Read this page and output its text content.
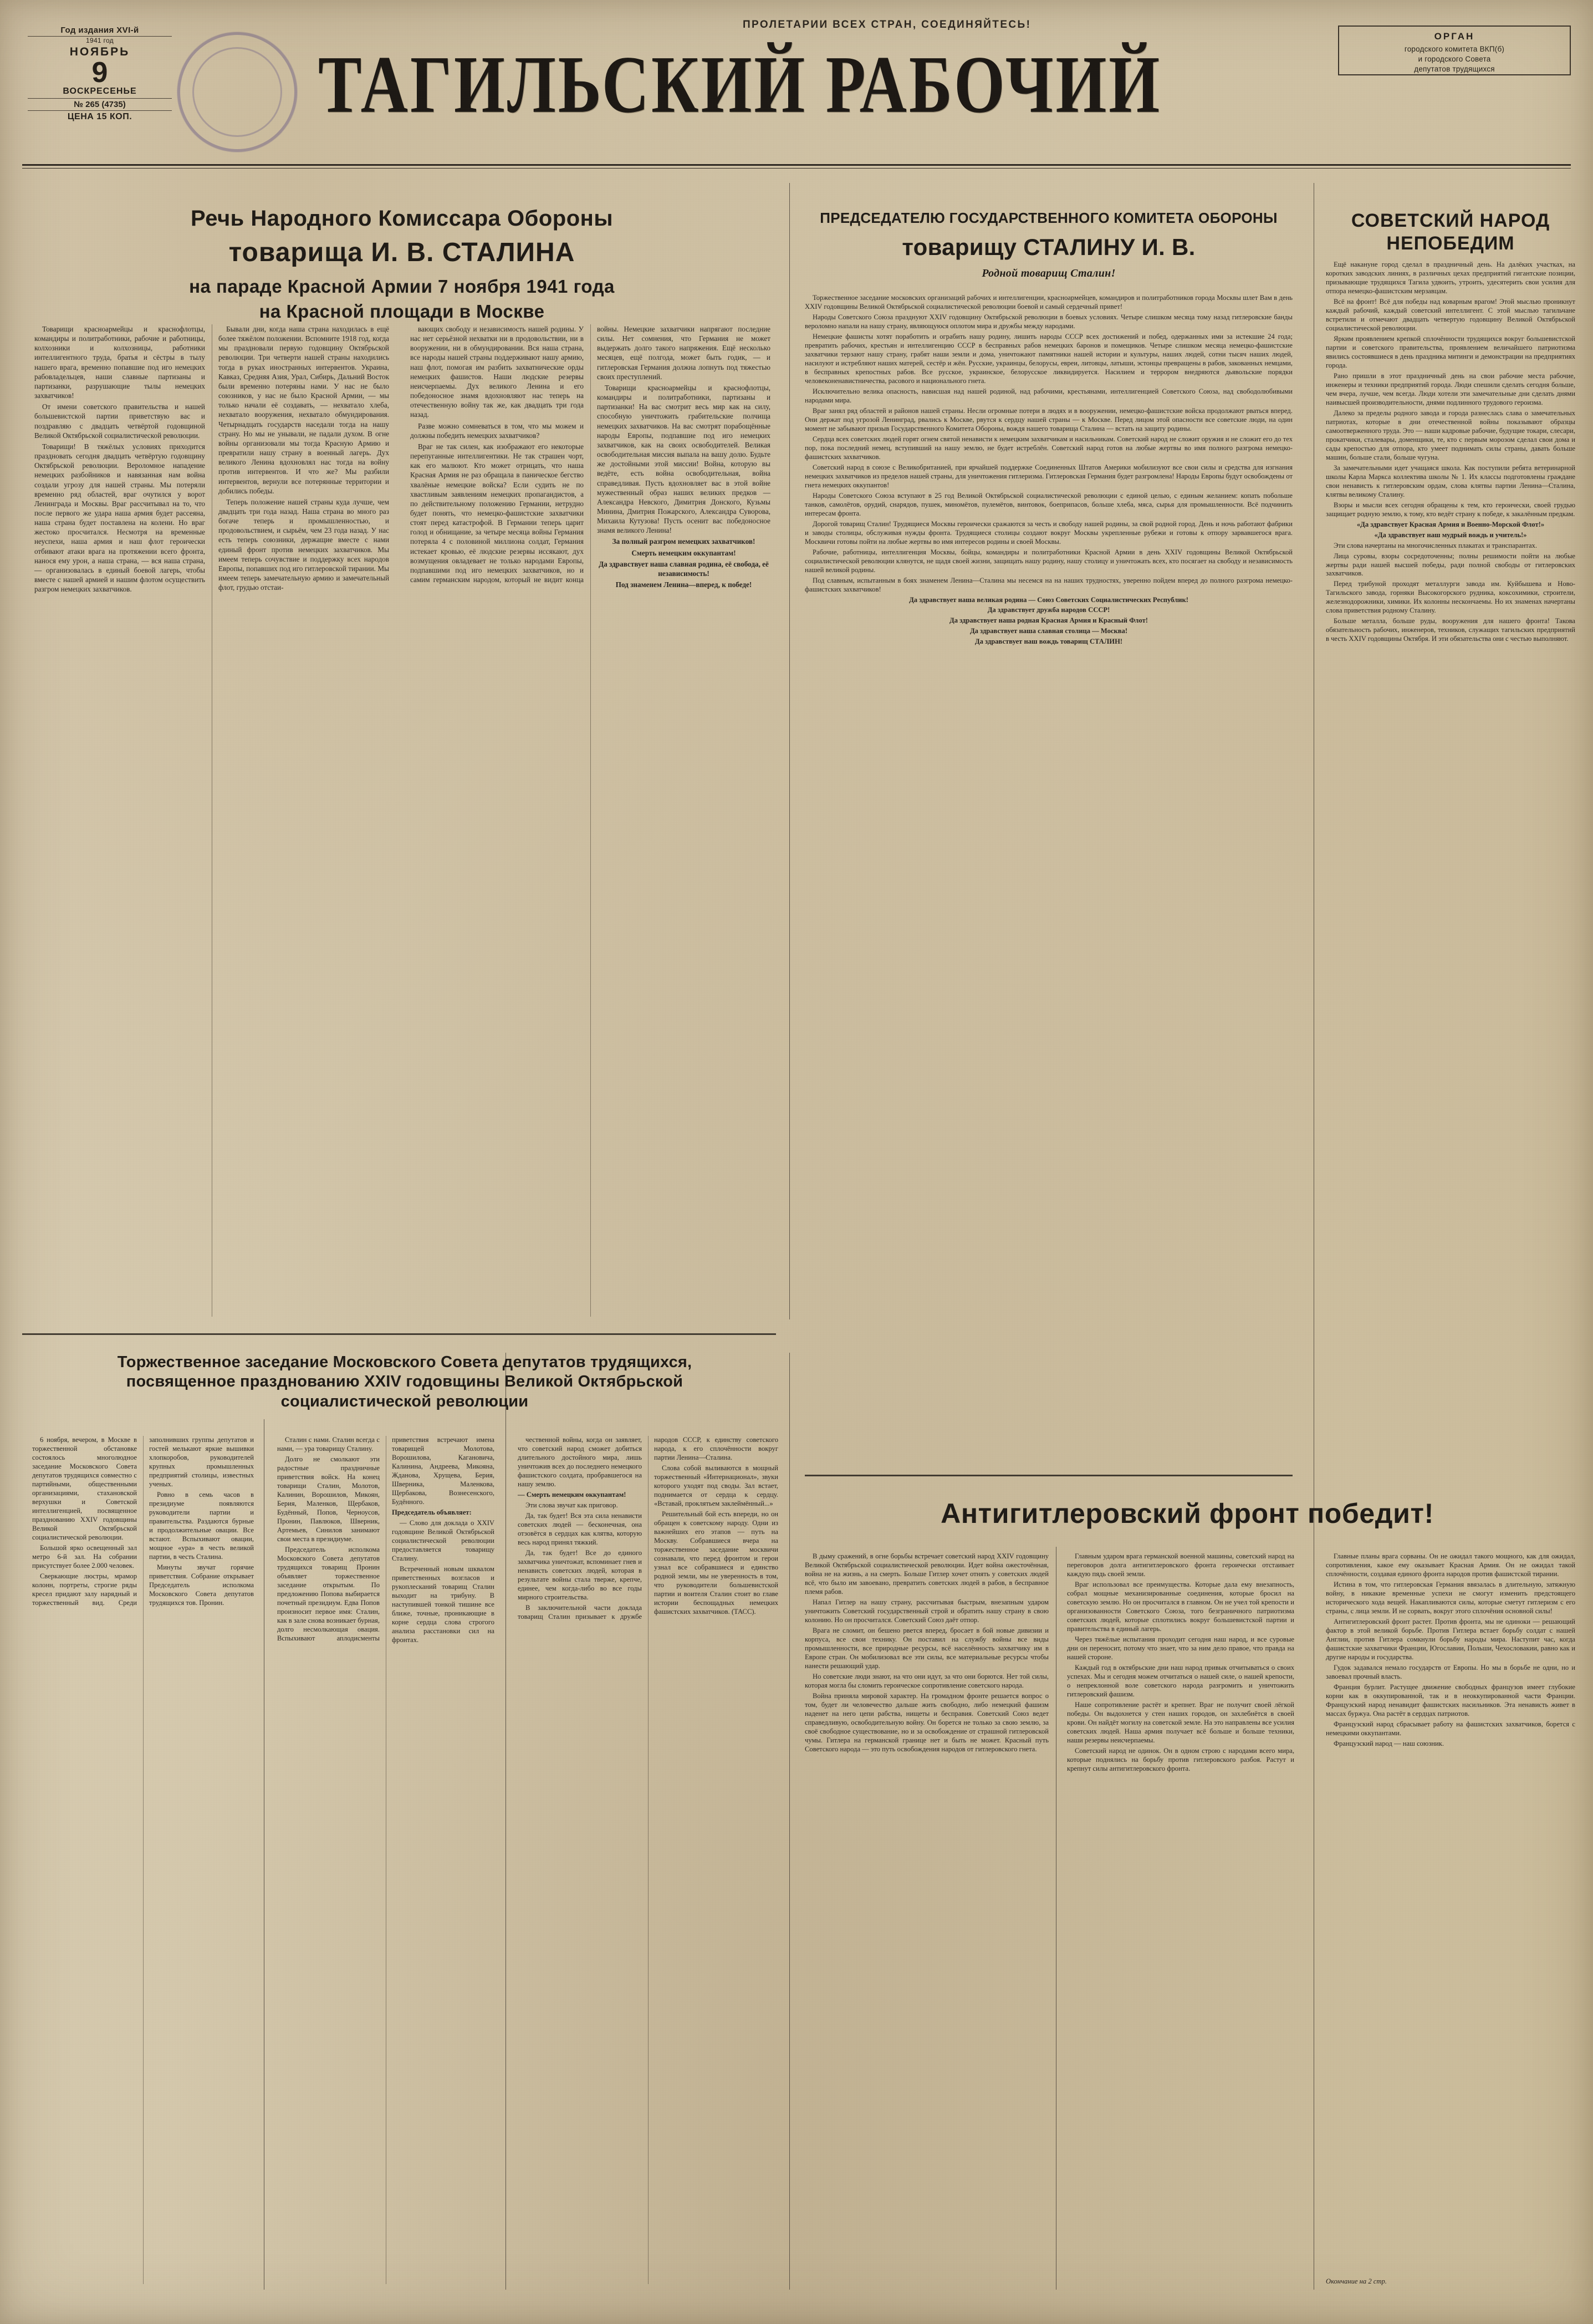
ПРОЛЕТАРИИ ВСЕХ СТРАН, СОЕДИНЯЙТЕСЬ!
Год издания XVI-й
1941 год
НОЯБРЬ
9
ВОСКРЕСЕНЬЕ
№ 265 (4735)
ЦЕНА 15 КОП.	ТАГИЛЬСКИЙ РАБОЧИЙ
ОРГАН
городского комитета ВКП(б)
и городского Совета
депутатов трудящихся
Речь Народного Комиссара Обороны
товарища И. В. СТАЛИНА
на параде Красной Армии 7 ноября 1941 года
на Красной площади в Москве

Товарищи красноармейцы и краснофлотцы, командиры и политработники, рабочие и работницы, колхозники и колхозницы, работники интеллигентного труда, братья и сёстры в тылу нашего врага, временно попавшие под иго немецких рабовладельцев, наши славные партизаны и партизанки, разрушающие тылы немецких захватчиков!

От имени советского правительства и нашей большевистской партии приветствую вас и поздравляю с двадцать четвёртой годовщиной Великой Октябрьской социалистической революции.

Товарищи! В тяжёлых условиях приходится праздновать сегодня двадцать четвёртую годовщину Октябрьской революции. Вероломное нападение немецких разбойников и навязанная нам война создали угрозу для нашей страны. Мы потеряли временно ряд областей, враг очутился у ворот Ленинграда и Москвы. Враг рассчитывал на то, что после первого же удара наша армия будет рассеяна, наша страна будет поставлена на колени. Но враг жестоко просчитался. Несмотря на временные неуспехи, наша армия и наш флот героически отбивают атаки врага на протяжении всего фронта, нанося ему урон, а наша страна, — вся наша страна, — организовалась в единый боевой лагерь, чтобы вместе с нашей армией и нашим флотом осуществить разгром немецких захватчиков.

Бывали дни, когда наша страна находилась в ещё более тяжёлом положении. Вспомните 1918 год, когда мы праздновали первую годовщину Октябрьской революции. Три четверти нашей страны находились тогда в руках иностранных интервентов. Украина, Кавказ, Средняя Азия, Урал, Сибирь, Дальний Восток были временно потеряны нами. У нас не было союзников, у нас не было Красной Армии, — мы только начали её создавать, — нехватало хлеба, нехватало вооружения, нехватало обмундирования. Четырнадцать государств наседали тогда на нашу страну. Но мы не унывали, не падали духом. В огне войны организовали мы тогда Красную Армию и превратили нашу страну в военный лагерь. Дух великого Ленина вдохновлял нас тогда на войну против интервентов. И что же? Мы разбили интервентов, вернули все потерянные территории и добились победы.

Теперь положение нашей страны куда лучше, чем двадцать три года назад. Наша страна во много раз богаче теперь и промышленностью, и продовольствием, и сырьём, чем 23 года назад. У нас есть теперь союзники, держащие вместе с нами единый фронт против немецких захватчиков. Мы имеем теперь сочувствие и поддержку всех народов Европы, попавших под иго гитлеровской тирании. Мы имеем теперь замечательную армию и замечательный флот, грудью отстаи-

вающих свободу и независимость нашей родины. У нас нет серьёзной нехватки ни в продовольствии, ни в вооружении, ни в обмундировании. Вся наша страна, все народы нашей страны поддерживают нашу армию, наш флот, помогая им разбить захватнические орды немецких фашистов. Наши людские резервы неисчерпаемы. Дух великого Ленина и его победоносное знамя вдохновляют нас теперь на отечественную войну так же, как двадцать три года назад.

Разве можно сомневаться в том, что мы можем и должны победить немецких захватчиков?

Враг не так силен, как изображают его некоторые перепуганные интеллигентики. Не так страшен чорт, как его малюют. Кто может отрицать, что наша Красная Армия не раз обращала в паническое бегство хвалёные немецкие войска? Если судить не по хвастливым заявлениям немецких пропагандистов, а по действительному положению Германии, нетрудно будет понять, что немецко-фашистские захватчики стоят перед катастрофой. В Германии теперь царит голод и обнищание, за четыре месяца войны Германия потеряла 4 с половиной миллиона солдат, Германия истекает кровью, её людские резервы иссякают, дух возмущения овладевает не только народами Европы, подпавшими под иго немецких захватчиков, но и самим германским народом, который не видит конца войны. Немецкие захватчики напрягают последние силы. Нет сомнения, что Германия не может выдержать долго такого напряжения. Ещё несколько месяцев, ещё полгода, может быть годик, — и гитлеровская Германия должна лопнуть под тяжестью своих преступлений.

Товарищи красноармейцы и краснофлотцы, командиры и политработники, партизаны и партизанки! На вас смотрит весь мир как на силу, способную уничтожить грабительские полчища немецких захватчиков. На вас смотрят порабощённые народы Европы, подпавшие под иго немецких захватчиков, как на своих освободителей. Великая освободительная миссия выпала на вашу долю. Будьте же достойными этой миссии! Война, которую вы ведёте, есть война освободительная, война справедливая. Пусть вдохновляет вас в этой войне мужественный образ наших великих предков — Александра Невского, Димитрия Донского, Кузьмы Минина, Дмитрия Пожарского, Александра Суворова, Михаила Кутузова! Пусть осенит вас победоносное знамя великого Ленина!

За полный разгром немецких захватчиков!

Смерть немецким оккупантам!

Да здравствует наша славная родина, её свобода, её независимость!

Под знаменем Ленина—вперед, к победе!

ПРЕДСЕДАТЕЛЮ ГОСУДАРСТВЕННОГО КОМИТЕТА ОБОРОНЫ
товарищу СТАЛИНУ И. В.
Родной товарищ Сталин!

Торжественное заседание московских организаций рабочих и интеллигенции, красноармейцев, командиров и политработников города Москвы шлет Вам в день XXIV годовщины Великой Октябрьской социалистической революции боевой и самый сердечный привет!

Народы Советского Союза празднуют XXIV годовщину Октябрьской революции в боевых условиях. Четыре слишком месяца тому назад гитлеровские банды вероломно напали на нашу страну, являющуюся оплотом мира и дружбы между народами.

Немецкие фашисты хотят поработить и ограбить нашу родину, лишить народы СССР всех достижений и побед, одержанных ими за истекшие 24 года; превратить рабочих, крестьян и интеллигенцию СССР в бесправных рабов немецких баронов и помещиков. Четыре слишком месяца немецко-фашистские захватчики терзают нашу страну, грабят наши земли и дома, уничтожают памятники нашей истории и культуры, наших людей, сотни тысяч наших людей, насилуют и истребляют наших матерей, сестёр и жён. Русские, украинцы, белорусы, евреи, литовцы, латыши, эстонцы превращены в рабов, закованных немцами, в бесправных крепостных рабов. Все русское, украинское, белорусское ликвидируется. Насилием и террором внедряются дьявольские порядки человеконенавистничества, расового и национального гнета.

Исключительно велика опасность, нависшая над нашей родиной, над рабочими, крестьянами, интеллигенцией Советского Союза, над свободолюбивыми народами мира.

Враг занял ряд областей и районов нашей страны. Несли огромные потери в людях и в вооружении, немецко-фашистские войска продолжают рваться вперед. Они держат под угрозой Ленинград, рвались к Москве, рвутся к сердцу нашей страны — к Москве. Перед лицом этой опасности все советские люди, на один момент не забывают призыв Государственного Комитета Обороны, вождя нашего товарища Сталина — встать на защиту родины.

Сердца всех советских людей горят огнем святой ненависти к немецким захватчикам и насильникам. Советский народ не сложит оружия и не сложит его до тех пор, пока последний немец, вступивший на нашу землю, не будет истреблён. Советский народ готов на любые жертвы во имя полного разгрома немецко-фашистских захватчиков.

Советский народ в союзе с Великобританией, при ярчайшей поддержке Соединенных Штатов Америки мобилизуют все свои силы и средства для изгнания немецких захватчиков из пределов нашей страны, для уничтожения гитлеризма. Гитлеровская Германия будет разгромлена! Народы Европы будут освобождены от гнета немецких оккупантов!

Народы Советского Союза вступают в 25 год Великой Октябрьской социалистической революции с единой целью, с единым желанием: копать побольше танков, самолётов, орудий, снарядов, пушек, миномётов, пулемётов, винтовок, боеприпасов, больше хлеба, мяса, сырья для промышленности. Всё подчинить интересам фронта.

Дорогой товарищ Сталин! Трудящиеся Москвы героически сражаются за честь и свободу нашей родины, за свой родной город. День и ночь работают фабрики и заводы столицы, обслуживая нужды фронта. Трудящиеся столицы создают вокруг Москвы укрепленные рубежи и готовы к отпору зарвавшегося врага. Москвичи готовы пойти на любые жертвы во имя интересов родины и своей Москвы.

Рабочие, работницы, интеллигенция Москвы, бойцы, командиры и политработники Красной Армии в день XXIV годовщины Великой Октябрьской социалистической революции клянутся, не щадя своей жизни, защищать нашу родину, нашу столицу и уничтожать всех, кто посягает на свободу и независимость нашей великой родины.

Под славным, испытанным в боях знаменем Ленина—Сталина мы несемся на на наших трудностях, уверенно пойдем вперед до полного разгрома немецко-фашистских захватчиков!

Да здравствует наша великая родина — Союз Советских Социалистических Республик!

Да здравствует дружба народов СССР!

Да здравствует наша родная Красная Армия и Красный Флот!

Да здравствует наша славная столица — Москва!

Да здравствует наш вождь товарищ СТАЛИН!

СОВЕТСКИЙ НАРОД НЕПОБЕДИМ

Ещё накануне город сделал в праздничный день. На далёких участках, на коротких заводских линиях, в различных цехах предприятий гигантские позиции, призывающие трудящихся Тагила удвоить, утроить, удесятерить свои усилия для отпора немецко-фашистским мерзавцам.

Всё на фронт! Всё для победы над коварным врагом! Этой мыслью проникнут каждый рабочий, каждый советский интеллигент. С этой мыслью тагильчане встретили и отмечают двадцать четвертую годовщину Великой Октябрьской социалистической революции.

Ярким проявлением крепкой сплочённости трудящихся вокруг большевистской партии и советского правительства, проявлением величайшего патриотизма явились состоявшиеся в день праздника митинги и демонстрации на предприятиях города.

Рано пришли в этот праздничный день на свои рабочие места рабочие, инженеры и техники предприятий города. Люди спешили сделать сегодня больше, чем вчера, лучше, чем всегда. Люди хотели эти замечательные дни сделать днями наивысшей производительности, днями подлинного трудового героизма.

Далеко за пределы родного завода и города разнеслась слава о замечательных патриотах, которые в дни отечественной войны показывают образцы самоотверженного труда. Это — наши кадровые рабочие, будущие токари, слесари, прокатчики, сталевары, доменщики, те, кто с первым морозом сделал свои дома и сады крепостью для отпора, кто умеет поднимать силы страны, давать больше машин, больше стали, больше чугуна.

За замечательными идет учащаяся школа. Как поступили ребята ветеринарной школы Карла Маркса коллектива школы № 1. Их классы подготовлены граждане свои ненависть к гитлеровским ордам, слова клятвы партии Ленина—Сталина, клятвы великому Сталину.

Взоры и мысли всех сегодня обращены к тем, кто героически, своей грудью защищает родную землю, к тому, кто ведёт страну к победе, к закалённым предкам.

«Да здравствует Красная Армия и Военно-Морской Флот!»

«Да здравствует наш мудрый вождь и учитель!»

Эти слова начертаны на многочисленных плакатах и транспарантах.

Лица суровы, взоры сосредоточенны; полны решимости пойти на любые жертвы ради нашей высшей победы, ради полной свободы от гитлеровских захватчиков.

Перед трибуной проходят металлурги завода им. Куйбышева и Ново-Тагильского завода, горняки Высокогорского рудника, коксохимики, строители, железнодорожники, химики. Их колонны нескончаемы. Но их знаменах начертаны слова приветствия родному Сталину.

Больше металла, больше руды, вооружения для нашего фронта! Такова обязательность рабочих, инженеров, техников, служащих тагильских предприятий в честь XXIV годовщины Октября. И эти обязательства они с честью выполняют.

Торжественное заседание Московского Совета депутатов трудящихся,
посвященное празднованию XXIV годовщины Великой Октябрьской
социалистической революции

6 ноября, вечером, в Москве в торжественной обстановке состоялось многолюдное заседание Московского Совета депутатов трудящихся совместно с партийными, общественными организациями, стахановской верхушки и Советской интеллигенцией, посвященное празднованию XXIV годовщины Великой Октябрьской социалистической революции.

Большой ярко освещенный зал метро 6-й зал. На собрании присутствует более 2.000 человек.

Сверкающие люстры, мрамор колонн, портреты, строгие ряды кресел придают залу нарядный и торжественный вид. Среди заполнивших группы депутатов и гостей мелькают яркие вышивки хлопкоробов, руководителей крупных промышленных предприятий столицы, известных ученых.

Ровно в семь часов в президиуме появляются руководители партии и правительства. Раздаются бурные и продолжительные овации. Все встают. Вспыхивают овации, мощное «ура» в честь великой партии, в честь Сталина.

Минуты звучат горячие приветствия. Собрание открывает Председатель исполкома Московского Совета депутатов трудящихся тов. Пронин.

Сталин с нами. Сталин всегда с нами, — ура товарищу Сталину.

Долго не смолкают эти радостные праздничные приветствия войск. На конец товарищи Сталин, Молотов, Калинин, Ворошилов, Микоян, Берия, Маленков, Щербаков, Будённый, Попов, Черноусов, Пронин, Павлюков, Шверник, Артемьев, Синилов занимают свои места в президиуме.

Председатель исполкома Московского Совета депутатов трудящихся товарищ Пронин объявляет торжественное заседание открытым. По предложению Попова выбирается почетный президиум. Едва Попов произносит первое имя: Сталин, как в зале снова возникает бурная, долго несмолкающая овация. Вспыхивают аплодисменты приветствия встречают имена товарищей Молотова, Ворошилова, Кагановича, Калинина, Андреева, Микояна, Жданова, Хрущева, Берия, Шверника, Маленкова, Щербакова, Вознесенского, Будённого.

Председатель объявляет:

— Слово для доклада о XXIV годовщине Великой Октябрьской социалистической революции предоставляется товарищу Сталину.

Встреченный новым шквалом приветственных возгласов и рукоплесканий товарищ Сталин выходит на трибуну. В наступившей тонкой тишине все ближе, точные, проникающие в корне сердца слова строгого анализа расстановки сил на фронтах.

чественной войны, когда он заявляет, что советский народ сможет добиться длительного достойного мира, лишь уничтожив всех до последнего немецкого фашистского солдата, пробравшегося на нашу землю.

— Смерть немецким оккупантам!

Эти слова звучат как приговор.

Да, так будет! Вся эта сила ненависти советских людей — бесконечная, она отзовётся в сердцах как клятва, которую весь народ принял тяжкий.

Да, так будет! Все до единого захватчика уничтожат, вспоминает гнев и ненависть советских людей, которая в результате войны стала тверже, крепче, единее, чем когда-либо во все годы мирного строительства.

В заключительной части доклада товарищ Сталин призывает к дружбе народов СССР, к единству советского народа, к его сплочённости вокруг партии Ленина—Сталина.

Слова собой выливаются в мощный торжественный «Интернационал», звуки которого уходят под своды. Зал встает, поднимается от сердца к сердцу. «Вставай, проклятьем заклеймённый...»

Решительный бой есть впереди, но он обращен к советскому народу. Одни из важнейших его этапов — путь на Москву. Собравшиеся вчера на торжественное заседание москвичи сознавали, что перед фронтом и герои узнал все собравшиеся и единство родной земли, мы не уверенность в том, что руководители большевистской партии и воителя Сталин стоит во главе истории беспощадных немецких фашистских захватчиков. (ТАСС).

Антигитлеровский фронт победит!

В дыму сражений, в огне борьбы встречает советский народ XXIV годовщину Великой Октябрьской социалистической революции. Идет война ожесточённая, война не на жизнь, а на смерть. Больше Гитлер хочет отнять у советских людей всё, что было им завоевано, превратить советских людей в рабов, в бесправное племя рабов.

Напал Гитлер на нашу страну, рассчитывая быстрым, внезапным ударом уничтожить Советский государственный строй и обратить нашу страну в свою колонию. Но он просчитался. Советский Союз даёт отпор.

Врага не сломит, он бешено рвется вперед, бросает в бой новые дивизии и корпуса, все свои технику. Он поставил на службу войны все виды промышленности, все природные ресурсы, всё населённость захватчику им в Европе стран. Он мобилизовал все эти силы, все материальные ресурсы чтобы нанести решающий удар.

Но советские люди знают, на что они идут, за что они борются. Нет той силы, которая могла бы сломить героическое сопротивление советского народа.

Война приняла мировой характер. На громадном фронте решается вопрос о том, будет ли человечество дальше жить свободно, либо немецкий фашизм наденет на него цепи рабства, нищеты и бесправия. Советский Союз ведет справедливую, освободительную войну. Он борется не только за свою землю, за своё свободное существование, но и за освобождение от страшной гитлеровской чумы. Гитлера на германской границе нет и быть не может. Красный путь Советского народа — это путь освобождения народов от гитлеровского гнета.

Главным ударом врага германской военной машины, советский народ на переговоров долга антигитлеровского фронта героически отстаивает каждую пядь своей земли.

Враг использовал все преимущества. Которые дала ему внезапность, собрал мощные механизированные соединения, которые бросил на советскую землю. Но он просчитался в главном. Он не учел той крепости и организованности Советского Союза, того безграничного патриотизма советских людей, которые сплотились вокруг большевистской партии и правительства в единый лагерь.

Через тяжёлые испытания проходит сегодня наш народ, и все суровые дни он переносит, потому что знает, что за ним дело правое, что правда на нашей стороне.

Каждый год в октябрьские дни наш народ привык отчитываться о своих успехах. Мы и сегодня можем отчитаться о нашей силе, о нашей крепости, о непреклонной воле советского народа разгромить и уничтожить гитлеровский фашизм.

Наше сопротивление растёт и крепнет. Враг не получит своей лёгкой победы. Он выдохнется у стен наших городов, он захлебнётся в своей крови. Он найдёт могилу на советской земле. На это направлены все усилия советских людей. Наша армия получает всё больше и больше техники, наши резервы неисчерпаемы.

Советский народ не одинок. Он в одном строю с народами всего мира, которые поднялись на борьбу против гитлеровского разбоя. Растут и крепнут силы антигитлеровского фронта.

Главные планы врага сорваны. Он не ожидал такого мощного, как для ожидал, сопротивления, какое ему оказывает Красная Армия. Он не ожидал такой сплочённости, создавая единого фронта народов против фашистской тирании.

Истина в том, что гитлеровская Германия ввязалась в длительную, затяжную войну, в никакие временные успехи не смогут изменить предстоящего исторического хода вещей. Накапливаются силы, которые сметут гитлеризм с его страны, с лица земли. И не сорвать, вокруг этого сплочёния основной силы!

Антигитлеровский фронт растет. Против фронта, мы не одиноки — решающий фактор в этой великой борьбе. Против Гитлера встает борьбу солдат с нашей Англии, против Гитлера сомкнули борьбу народы мира. Наступит час, когда фашистские захватчики Франции, Югославии, Польши, Чехословакии, равно как и другие народы и государства.

Гудок задавался немало государств от Европы. Но мы в борьбе не одни, но и завоевал прочный власть.

Франция бурлит. Растущее движение свободных французов имеет глубокие корни как в оккупированной, так и в неоккупированной части Франции. Французский народ ненавидит фашистских насильников. Эта ненависть живет в массах буржуа. Она растёт в сердцах патриотов.

Французский народ сбрасывает работу на фашистских захватчиков, борется с немецкими оккупантами.

Французский народ — наш союзник.

Окончание на 2 стр.
